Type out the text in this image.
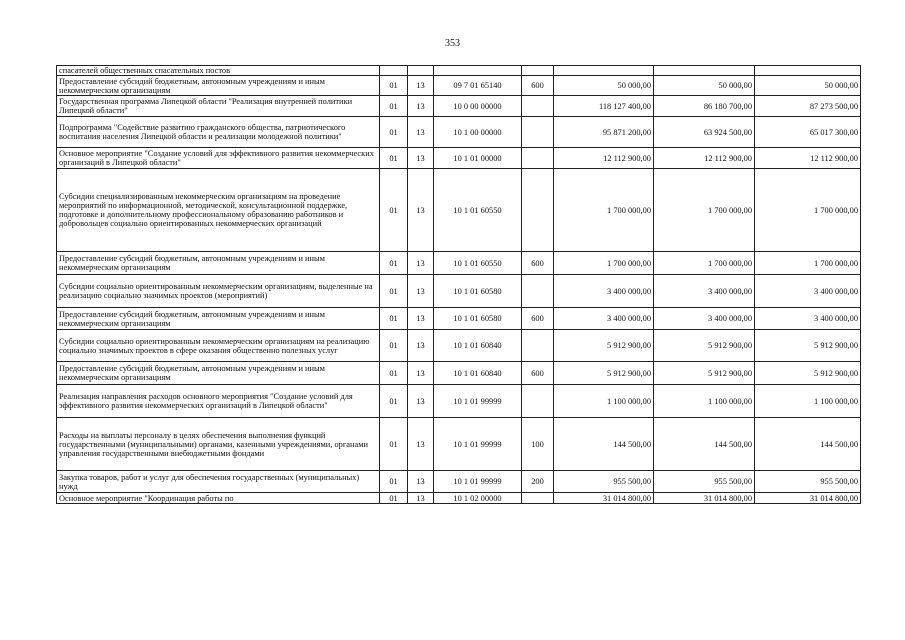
353
спасателей общественных спасательных постов							
Предоставление субсидий бюджетным, автономным учреждениям и иным некоммерческим организациям	01	13	09 7 01 65140	600	50 000,00	50 000,00	50 000,00
Государственная программа Липецкой области "Реализация внутренней политики Липецкой области"	01	13	10 0 00 00000		118 127 400,00	86 180 700,00	87 273 500,00
Подпрограмма "Содействие развитию гражданского общества, патриотического воспитания населения Липецкой области и реализации молодежной политики"	01	13	10 1 00 00000		95 871 200,00	63 924 500,00	65 017 300,00
Основное мероприятие "Создание условий для эффективного развития некоммерческих организаций в Липецкой области"	01	13	10 1 01 00000		12 112 900,00	12 112 900,00	12 112 900,00
Субсидии специализированным некоммерческим организациям на проведение мероприятий по информационной, методической, консультационной поддержке, подготовке и дополнительному профессиональному образованию работников и добровольцев социально ориентированных некоммерческих организаций	01	13	10 1 01 60550		1 700 000,00	1 700 000,00	1 700 000,00
Предоставление субсидий бюджетным, автономным учреждениям и иным некоммерческим организациям	01	13	10 1 01 60550	600	1 700 000,00	1 700 000,00	1 700 000,00
Субсидии социально ориентированным некоммерческим организациям, выделенные на реализацию социально значимых проектов (мероприятий)	01	13	10 1 01 60580		3 400 000,00	3 400 000,00	3 400 000,00
Предоставление субсидий бюджетным, автономным учреждениям и иным некоммерческим организациям	01	13	10 1 01 60580	600	3 400 000,00	3 400 000,00	3 400 000,00
Субсидии социально ориентированным некоммерческим организациям на реализацию социально значимых проектов в сфере оказания общественно полезных услуг	01	13	10 1 01 60840		5 912 900,00	5 912 900,00	5 912 900,00
Предоставление субсидий бюджетным, автономным учреждениям и иным некоммерческим организациям	01	13	10 1 01 60840	600	5 912 900,00	5 912 900,00	5 912 900,00
Реализация направления расходов основного мероприятия "Создание условий для эффективного развития некоммерческих организаций в Липецкой области"	01	13	10 1 01 99999		1 100 000,00	1 100 000,00	1 100 000,00
Расходы на выплаты персоналу в целях обеспечения выполнения функций государственными (муниципальными) органами, казенными учреждениями, органами управления государственными внебюджетными фондами	01	13	10 1 01 99999	100	144 500,00	144 500,00	144 500,00
Закупка товаров, работ и услуг для обеспечения государственных (муниципальных) нужд	01	13	10 1 01 99999	200	955 500,00	955 500,00	955 500,00
Основное мероприятие "Координация работы по	01	13	10 1 02 00000		31 014 800,00	31 014 800,00	31 014 800,00
